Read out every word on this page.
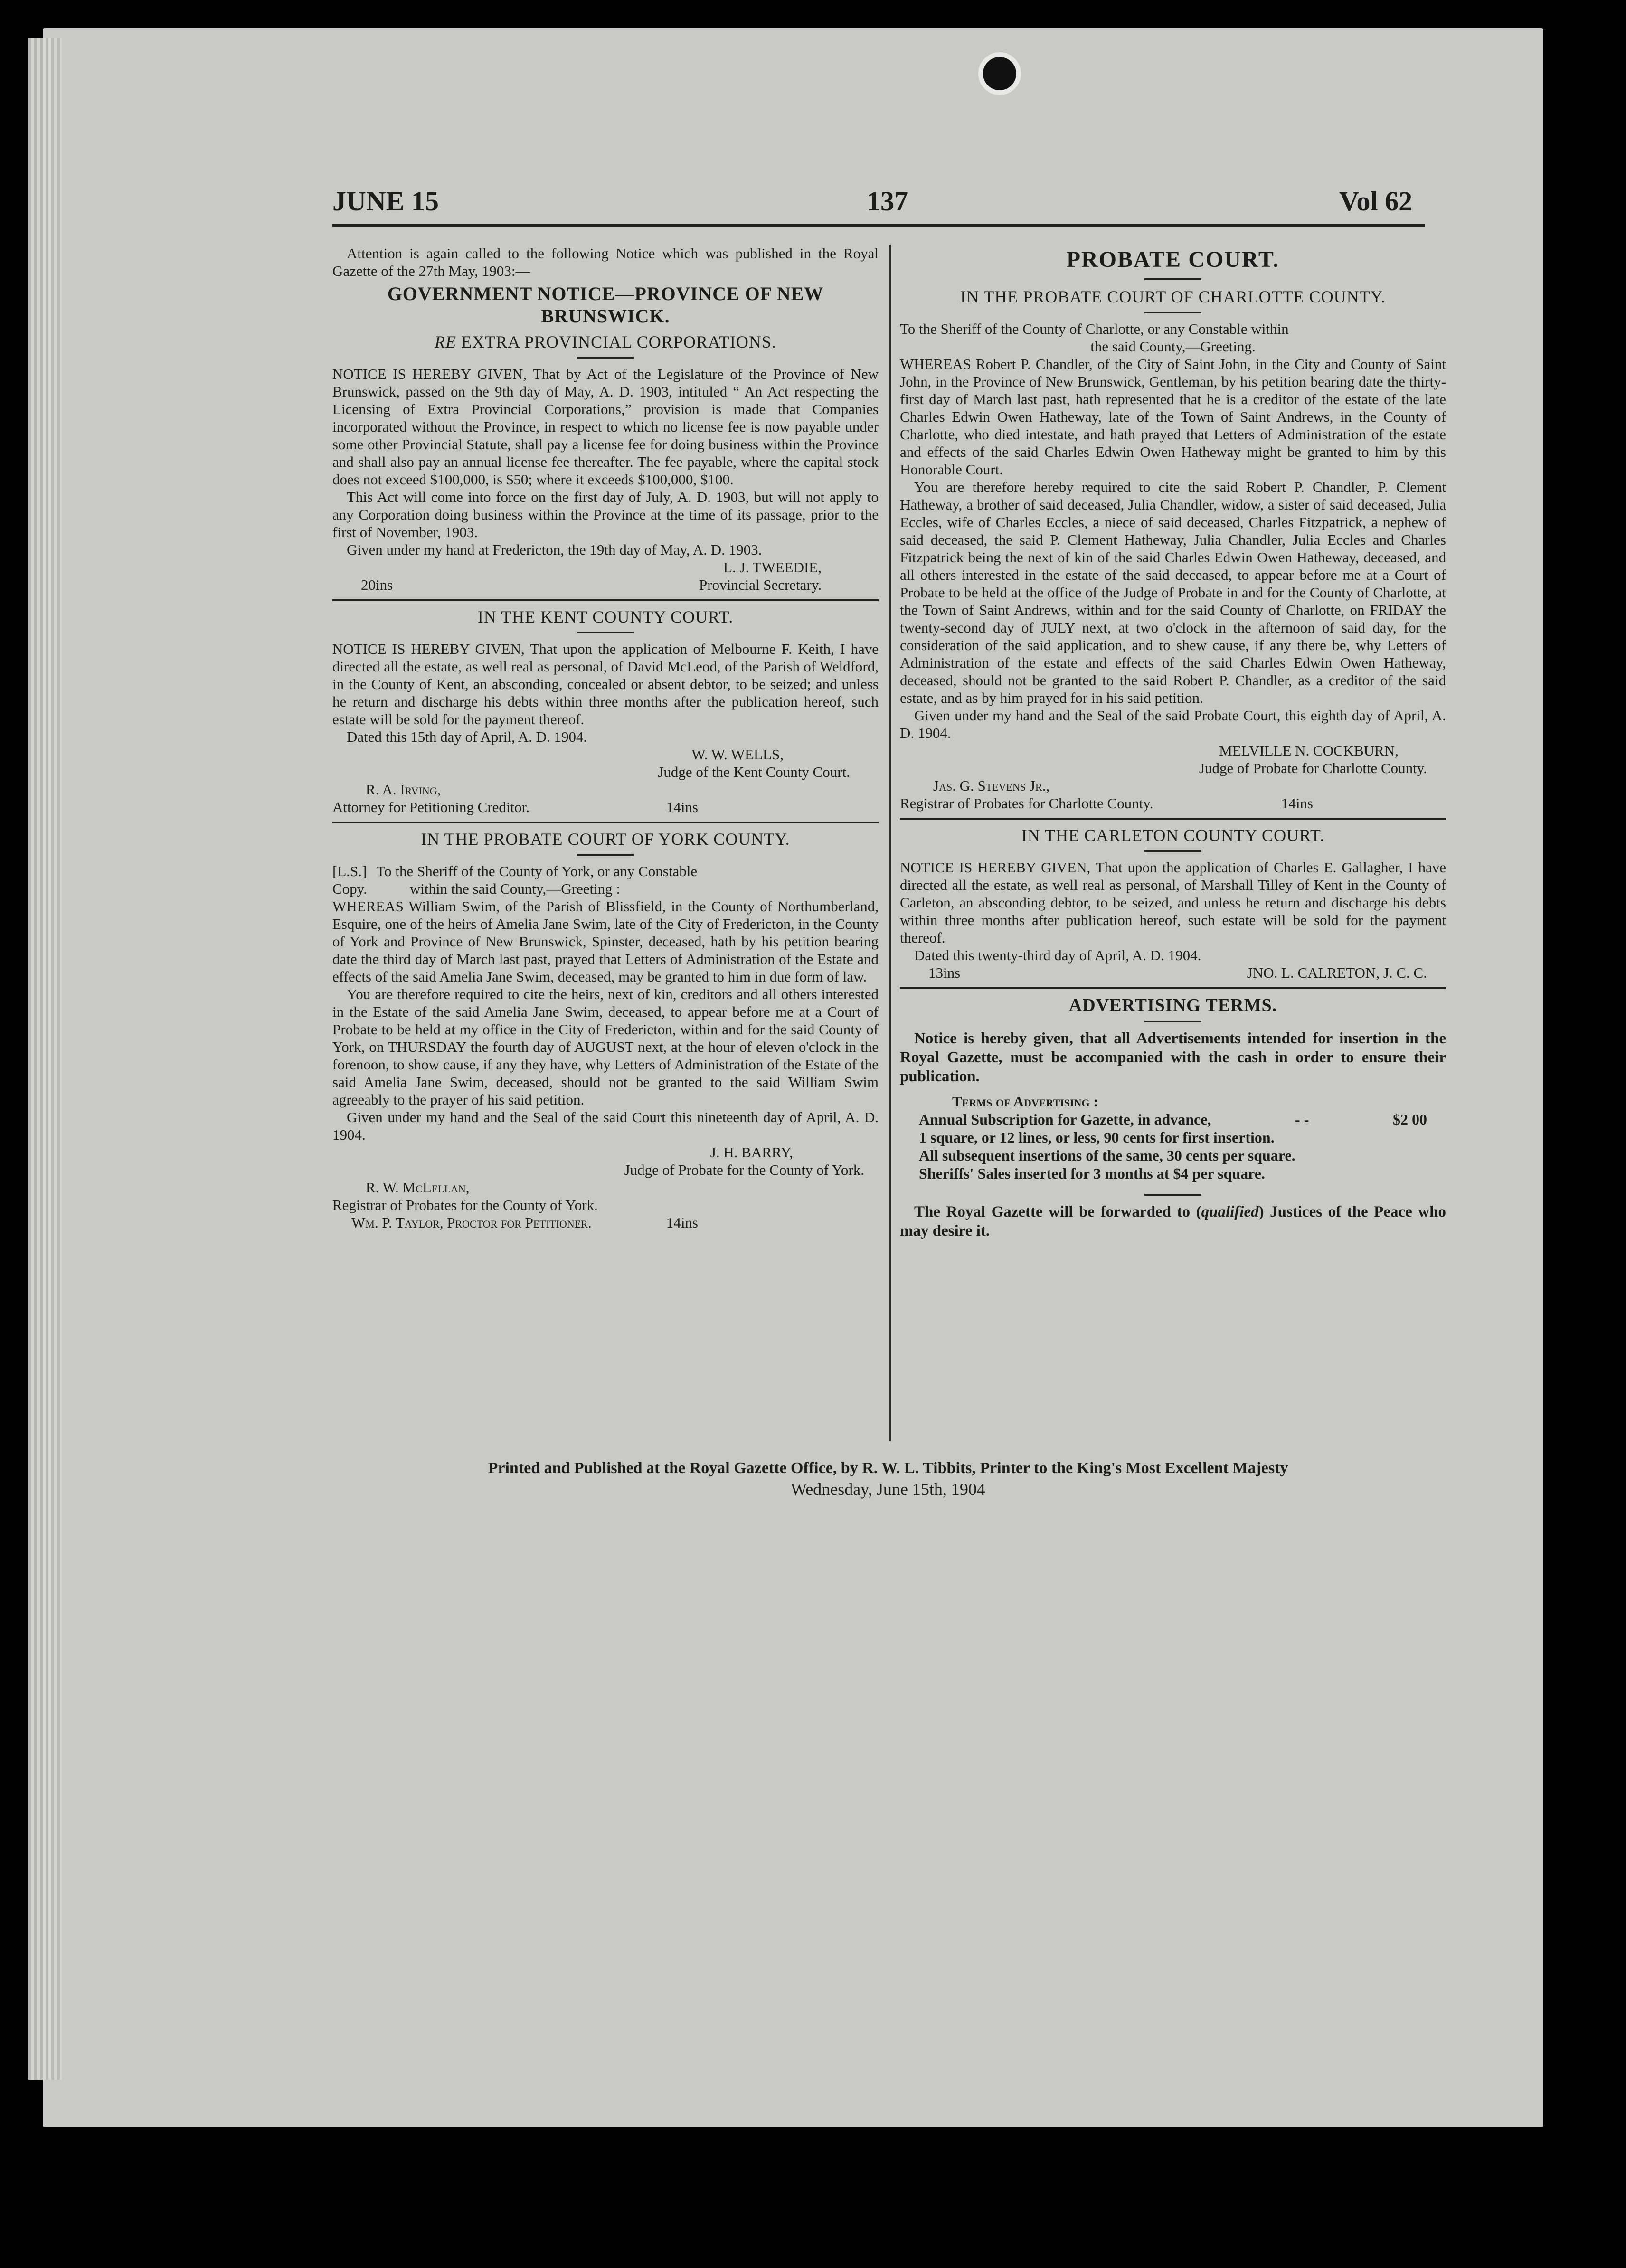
JUNE 15	137	Vol 62

Attention is again called to the following Notice which was published in the Royal Gazette of the 27th May, 1903:—

GOVERNMENT NOTICE—PROVINCE OF NEW BRUNSWICK.

RE EXTRA PROVINCIAL CORPORATIONS.

NOTICE IS HEREBY GIVEN, That by Act of the Legislature of the Province of New Brunswick, passed on the 9th day of May, A. D. 1903, intituled “ An Act respecting the Licensing of Extra Provincial Corporations,” provision is made that Companies incorporated without the Province, in respect to which no license fee is now payable under some other Provincial Statute, shall pay a license fee for doing business within the Province and shall also pay an annual license fee thereafter. The fee payable, where the capital stock does not exceed $100,000, is $50; where it exceeds $100,000, $100.

This Act will come into force on the first day of July, A. D. 1903, but will not apply to any Corporation doing business within the Province at the time of its passage, prior to the first of November, 1903.

Given under my hand at Fredericton, the 19th day of May, A. D. 1903.

L. J. TWEEDIE,

20ins	Provincial Secretary.

IN THE KENT COUNTY COURT.

NOTICE IS HEREBY GIVEN, That upon the application of Melbourne F. Keith, I have directed all the estate, as well real as personal, of David McLeod, of the Parish of Weldford, in the County of Kent, an absconding, concealed or absent debtor, to be seized; and unless he return and discharge his debts within three months after the publication hereof, such estate will be sold for the payment thereof.

Dated this 15th day of April, A. D. 1904.

W. W. WELLS,

Judge of the Kent County Court.

R. A. Irving,

Attorney for Petitioning Creditor.	14ins

IN THE PROBATE COURT OF YORK COUNTY.

[L.S.] To the Sheriff of the County of York, or any Constable
Copy.	within the said County,—Greeting :

WHEREAS William Swim, of the Parish of Blissfield, in the County of Northumberland, Esquire, one of the heirs of Amelia Jane Swim, late of the City of Fredericton, in the County of York and Province of New Brunswick, Spinster, deceased, hath by his petition bearing date the third day of March last past, prayed that Letters of Administration of the Estate and effects of the said Amelia Jane Swim, deceased, may be granted to him in due form of law.

You are therefore required to cite the heirs, next of kin, creditors and all others interested in the Estate of the said Amelia Jane Swim, deceased, to appear before me at a Court of Probate to be held at my office in the City of Fredericton, within and for the said County of York, on THURSDAY the fourth day of AUGUST next, at the hour of eleven o'clock in the forenoon, to show cause, if any they have, why Letters of Administration of the Estate of the said Amelia Jane Swim, deceased, should not be granted to the said William Swim agreeably to the prayer of his said petition.

Given under my hand and the Seal of the said Court this nineteenth day of April, A. D. 1904.

J. H. BARRY,

Judge of Probate for the County of York.

R. W. McLellan,

Registrar of Probates for the County of York.

Wm. P. Taylor, Proctor for Petitioner.	14ins

PROBATE COURT.

IN THE PROBATE COURT OF CHARLOTTE COUNTY.

To the Sheriff of the County of Charlotte, or any Constable within

the said County,—Greeting.

WHEREAS Robert P. Chandler, of the City of Saint John, in the City and County of Saint John, in the Province of New Brunswick, Gentleman, by his petition bearing date the thirty-first day of March last past, hath represented that he is a creditor of the estate of the late Charles Edwin Owen Hatheway, late of the Town of Saint Andrews, in the County of Charlotte, who died intestate, and hath prayed that Letters of Administration of the estate and effects of the said Charles Edwin Owen Hatheway might be granted to him by this Honorable Court.

You are therefore hereby required to cite the said Robert P. Chandler, P. Clement Hatheway, a brother of said deceased, Julia Chandler, widow, a sister of said deceased, Julia Eccles, wife of Charles Eccles, a niece of said deceased, Charles Fitzpatrick, a nephew of said deceased, the said P. Clement Hatheway, Julia Chandler, Julia Eccles and Charles Fitzpatrick being the next of kin of the said Charles Edwin Owen Hatheway, deceased, and all others interested in the estate of the said deceased, to appear before me at a Court of Probate to be held at the office of the Judge of Probate in and for the County of Charlotte, at the Town of Saint Andrews, within and for the said County of Charlotte, on FRIDAY the twenty-second day of JULY next, at two o'clock in the afternoon of said day, for the consideration of the said application, and to shew cause, if any there be, why Letters of Administration of the estate and effects of the said Charles Edwin Owen Hatheway, deceased, should not be granted to the said Robert P. Chandler, as a creditor of the said estate, and as by him prayed for in his said petition.

Given under my hand and the Seal of the said Probate Court, this eighth day of April, A. D. 1904.

MELVILLE N. COCKBURN,

Judge of Probate for Charlotte County.

Jas. G. Stevens Jr.,

Registrar of Probates for Charlotte County.	14ins

IN THE CARLETON COUNTY COURT.

NOTICE IS HEREBY GIVEN, That upon the application of Charles E. Gallagher, I have directed all the estate, as well real as personal, of Marshall Tilley of Kent in the County of Carleton, an absconding debtor, to be seized, and unless he return and discharge his debts within three months after publication hereof, such estate will be sold for the payment thereof.

Dated this twenty-third day of April, A. D. 1904.

13ins	JNO. L. CALRETON, J. C. C.

ADVERTISING TERMS.

Notice is hereby given, that all Advertisements intended for insertion in the Royal Gazette, must be accompanied with the cash in order to ensure their publication.

Terms of Advertising :

Annual Subscription for Gazette, in advance,	- -	$2 00

1 square, or 12 lines, or less, 90 cents for first insertion.

All subsequent insertions of the same, 30 cents per square.

Sheriffs' Sales inserted for 3 months at $4 per square.

The Royal Gazette will be forwarded to (qualified) Justices of the Peace who may desire it.

Printed and Published at the Royal Gazette Office, by R. W. L. Tibbits, Printer to the King's Most Excellent Majesty

Wednesday, June 15th, 1904
